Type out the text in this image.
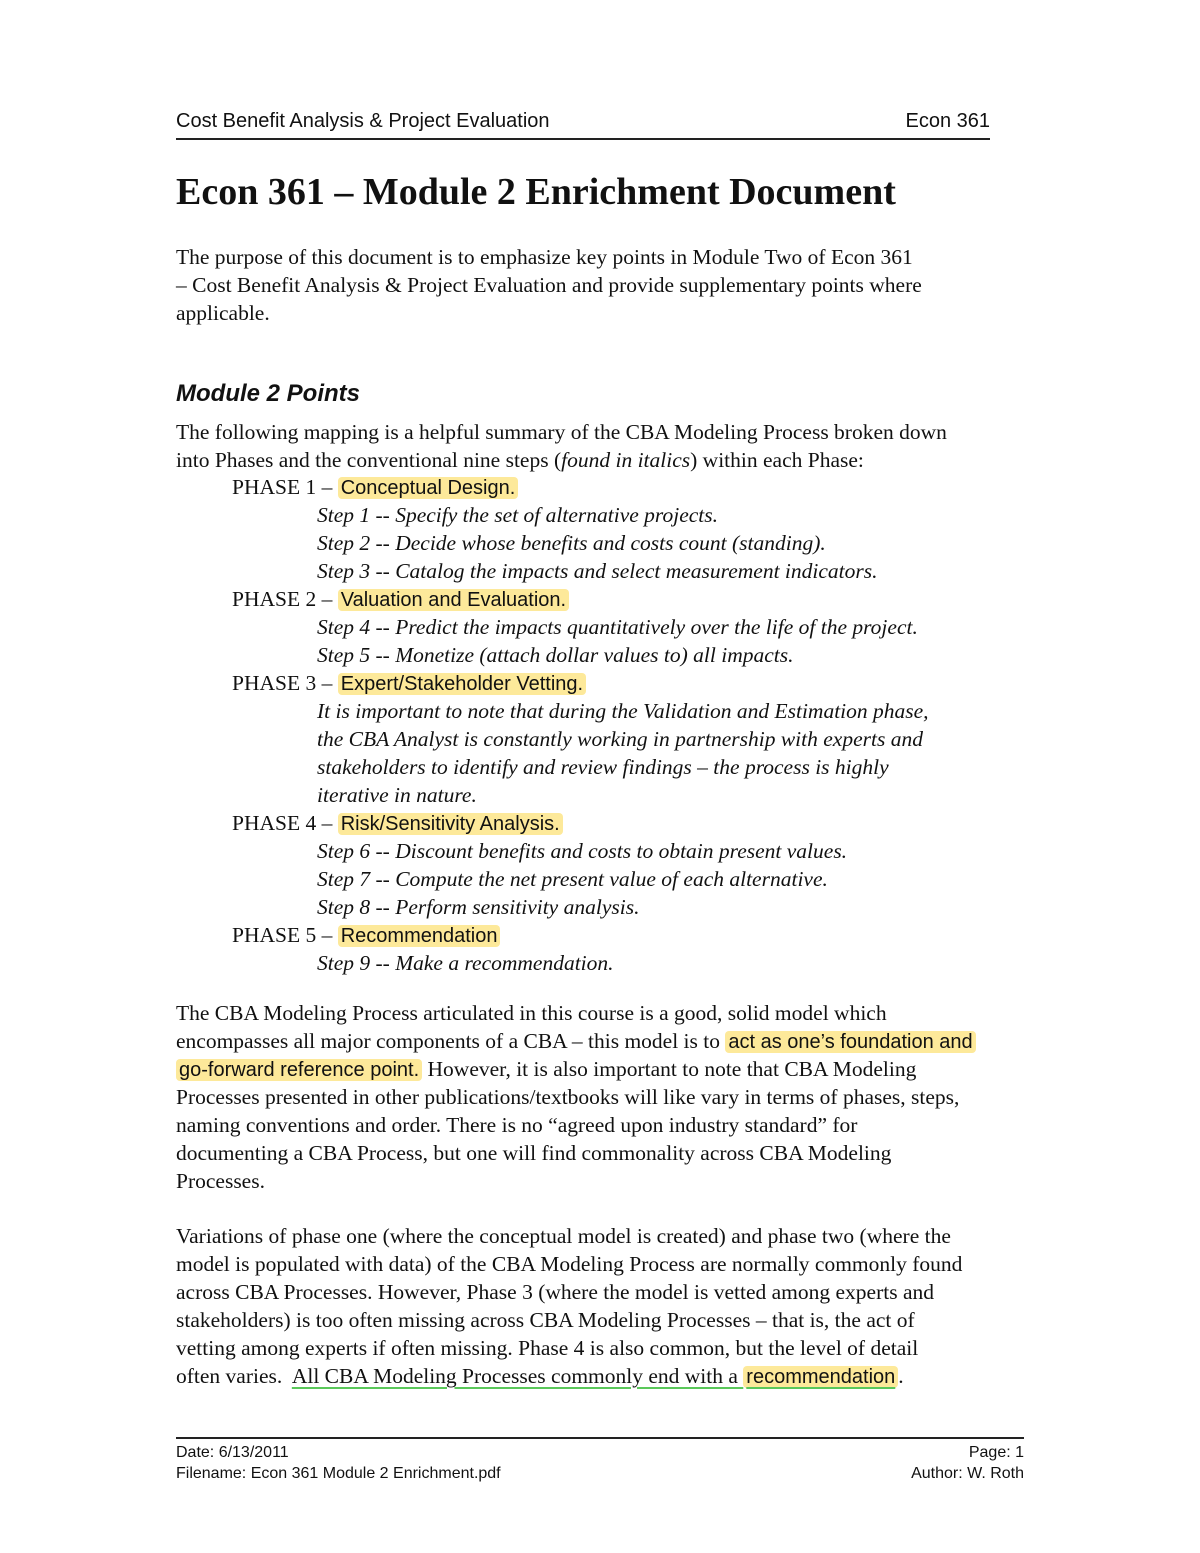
Cost Benefit Analysis & Project Evaluation	Econ 361
Econ 361 – Module 2 Enrichment Document
The purpose of this document is to emphasize key points in Module Two of Econ 361
– Cost Benefit Analysis & Project Evaluation and provide supplementary points where
applicable.
Module 2 Points
The following mapping is a helpful summary of the CBA Modeling Process broken down
into Phases and the conventional nine steps (found in italics) within each Phase:
PHASE 1 – Conceptual Design.
Step 1 -- Specify the set of alternative projects.
Step 2 -- Decide whose benefits and costs count (standing).
Step 3 -- Catalog the impacts and select measurement indicators.
PHASE 2 – Valuation and Evaluation.
Step 4 -- Predict the impacts quantitatively over the life of the project.
Step 5 -- Monetize (attach dollar values to) all impacts.
PHASE 3 – Expert/Stakeholder Vetting.
It is important to note that during the Validation and Estimation phase,
the CBA Analyst is constantly working in partnership with experts and
stakeholders to identify and review findings – the process is highly
iterative in nature.
PHASE 4 – Risk/Sensitivity Analysis.
Step 6 -- Discount benefits and costs to obtain present values.
Step 7 -- Compute the net present value of each alternative.
Step 8 -- Perform sensitivity analysis.
PHASE 5 – Recommendation
Step 9 -- Make a recommendation.
The CBA Modeling Process articulated in this course is a good, solid model which
encompasses all major components of a CBA – this model is to act as one’s foundation and
go-forward reference point. However, it is also important to note that CBA Modeling
Processes presented in other publications/textbooks will like vary in terms of phases, steps,
naming conventions and order. There is no “agreed upon industry standard” for
documenting a CBA Process, but one will find commonality across CBA Modeling
Processes.
Variations of phase one (where the conceptual model is created) and phase two (where the
model is populated with data) of the CBA Modeling Process are normally commonly found
across CBA Processes. However, Phase 3 (where the model is vetted among experts and
stakeholders) is too often missing across CBA Modeling Processes – that is, the act of
vetting among experts if often missing. Phase 4 is also common, but the level of detail
often varies.  All CBA Modeling Processes commonly end with a recommendation .
Date: 6/13/2011	Page: 1
Filename: Econ 361 Module 2 Enrichment.pdf	Author: W. Roth
